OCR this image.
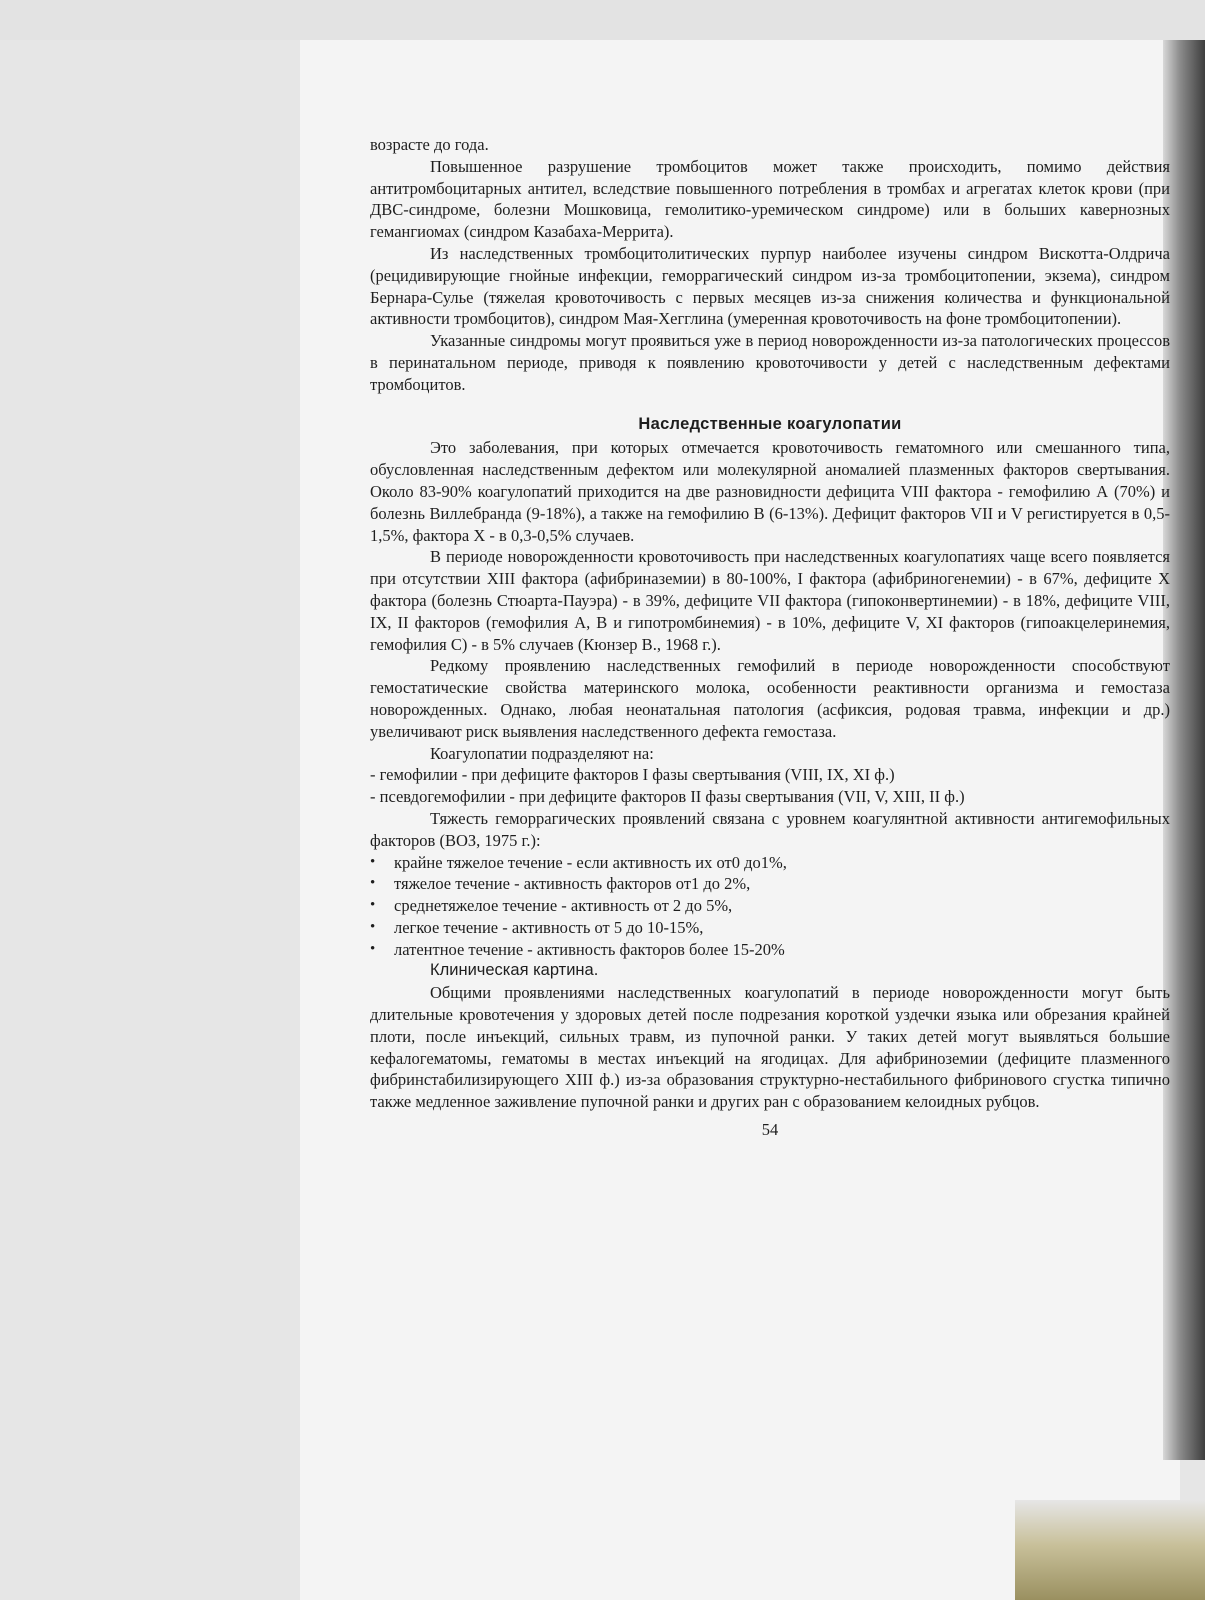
возрасте до года.

Повышенное разрушение тромбоцитов может также происходить, помимо действия антитромбоцитарных антител, вследствие повышенного потребления в тромбах и агрегатах клеток крови (при ДВС-синдроме, болезни Мошковица, гемолитико-уремическом синдроме) или в больших кавернозных гемангиомах (синдром Казабаха-Меррита).

Из наследственных тромбоцитолитических пурпур наиболее изучены синдром Вискотта-Олдрича (рецидивирующие гнойные инфекции, геморрагический синдром из-за тромбоцитопении, экзема), синдром Бернара-Сулье (тяжелая кровоточивость с первых месяцев из-за снижения количества и функциональной активности тромбоцитов), синдром Мая-Хегглина (умеренная кровоточивость на фоне тромбоцитопении).

Указанные синдромы могут проявиться уже в период новорожденности из-за патологических процессов в перинатальном периоде, приводя к появлению кровоточивости у детей с наследственным дефектами тромбоцитов.

Наследственные коагулопатии

Это заболевания, при которых отмечается кровоточивость гематомного или смешанного типа, обусловленная наследственным дефектом или молекулярной аномалией плазменных факторов свертывания. Около 83-90% коагулопатий приходится на две разновидности дефицита VIII фактора - гемофилию А (70%) и болезнь Виллебранда (9-18%), а также на гемофилию В (6-13%). Дефицит факторов VII и V регистируется в 0,5-1,5%, фактора X - в 0,3-0,5% случаев.

В периоде новорожденности кровоточивость при наследственных коагулопатиях чаще всего появляется при отсутствии XIII фактора (афибриназемии) в 80-100%, I фактора (афибриногенемии) - в 67%, дефиците X фактора (болезнь Стюарта-Пауэра) - в 39%, дефиците VII фактора (гипоконвертинемии) - в 18%, дефиците VIII, IX, II факторов (гемофилия А, В и гипотромбинемия) - в 10%, дефиците V, XI факторов (гипоакцелеринемия, гемофилия С) - в 5% случаев (Кюнзер В., 1968 г.).

Редкому проявлению наследственных гемофилий в периоде новорожденности способствуют гемостатические свойства материнского молока, особенности реактивности организма и гемостаза новорожденных. Однако, любая неонатальная патология (асфиксия, родовая травма, инфекции и др.) увеличивают риск выявления наследственного дефекта гемостаза.

Коагулопатии подразделяют на:

- гемофилии - при дефиците факторов I фазы свертывания (VIII, IX, XI ф.)

- псевдогемофилии - при дефиците факторов II фазы свертывания (VII, V, XIII, II ф.)

Тяжесть геморрагических проявлений связана с уровнем коагулянтной активности антигемофильных факторов (ВОЗ, 1975 г.):

• крайне тяжелое течение - если активность их от0 до1%,
• тяжелое течение - активность факторов от1 до 2%,
• среднетяжелое течение - активность от 2 до 5%,
• легкое течение - активность от 5 до 10-15%,
• латентное течение - активность факторов более 15-20%
Клиническая картина.

Общими проявлениями наследственных коагулопатий в периоде новорожденности могут быть длительные кровотечения у здоровых детей после подрезания короткой уздечки языка или обрезания крайней плоти, после инъекций, сильных травм, из пупочной ранки. У таких детей могут выявляться большие кефалогематомы, гематомы в местах инъекций на ягодицах. Для афибриноземии (дефиците плазменного фибринстабилизирующего XIII ф.) из-за образования структурно-нестабильного фибринового сгустка типично также медленное заживление пупочной ранки и других ран с образованием келоидных рубцов.

54
